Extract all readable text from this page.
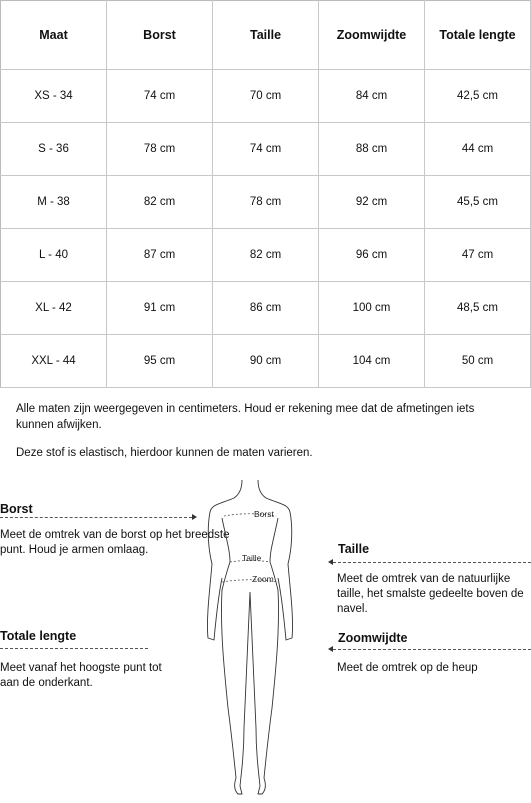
Maat	Borst	Taille	Zoomwijdte	Totale lengte
XS - 34	74 cm	70 cm	84 cm	42,5 cm
S - 36	78 cm	74 cm	88 cm	44 cm
M - 38	82 cm	78 cm	92 cm	45,5 cm
L - 40	87 cm	82 cm	96 cm	47 cm
XL - 42	91 cm	86 cm	100 cm	48,5 cm
XXL - 44	95 cm	90 cm	104 cm	50 cm
Alle maten zijn weergegeven in centimeters. Houd er rekening mee dat de afmetingen iets kunnen afwijken.
Deze stof is elastisch, hierdoor kunnen de maten varieren.
Borst
Meet de omtrek van de borst op het breedste punt. Houd je armen omlaag.
Totale lengte
Meet vanaf het hoogste punt tot aan de onderkant.
Taille
Meet de omtrek van de natuurlijke taille, het smalste gedeelte boven de navel.
Zoomwijdte
Meet de omtrek op de heup
Borst
Taille
Zoom
